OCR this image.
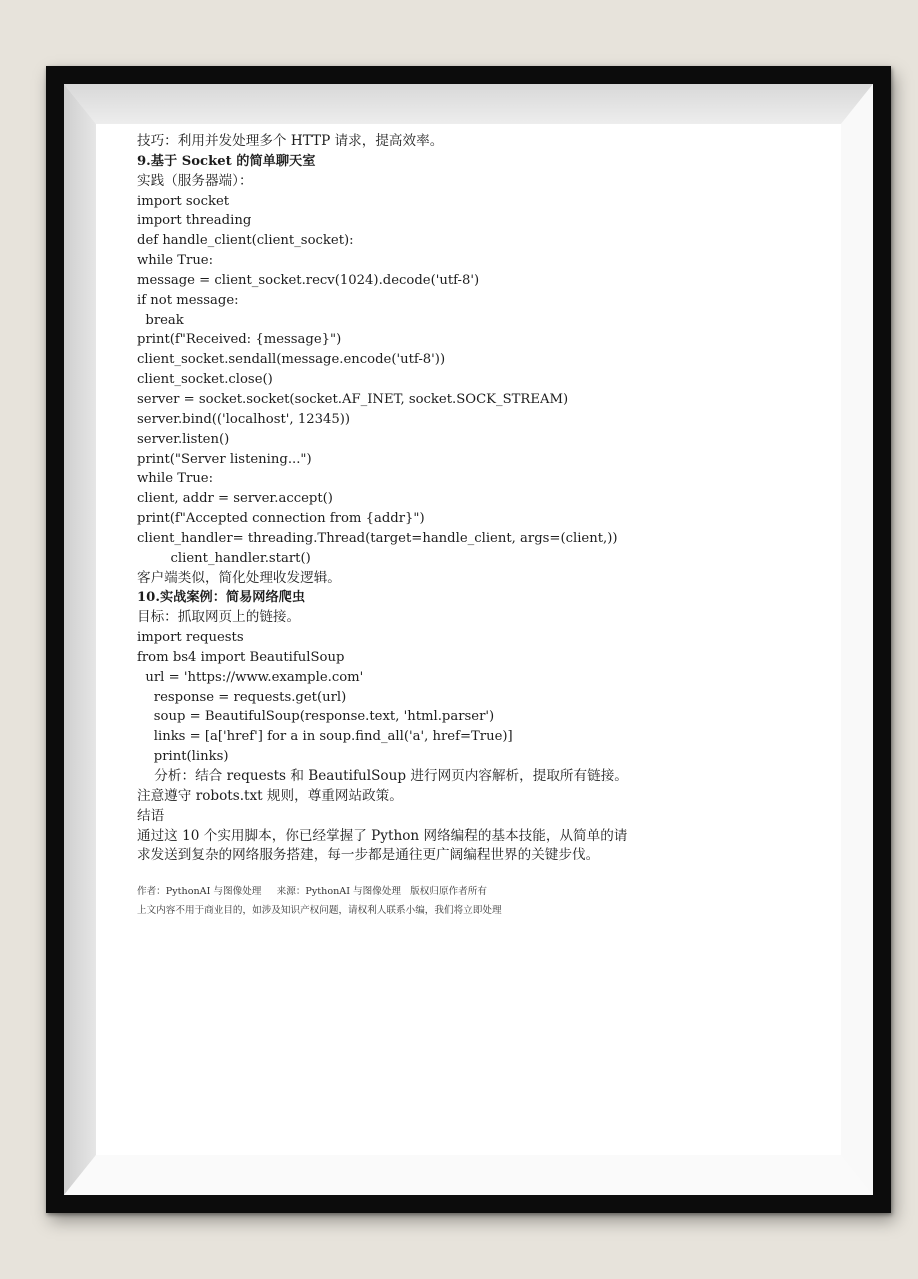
技巧：利用并发处理多个 HTTP 请求，提高效率。
9.基于 Socket 的简单聊天室
实践（服务器端）：
import socket
import threading
def handle_client(client_socket):
while True:
message = client_socket.recv(1024).decode('utf-8')
if not message:
break
print(f"Received: {message}")
client_socket.sendall(message.encode('utf-8'))
client_socket.close()
server = socket.socket(socket.AF_INET, socket.SOCK_STREAM)
server.bind(('localhost', 12345))
server.listen()
print("Server listening...")
while True:
client, addr = server.accept()
print(f"Accepted connection from {addr}")
client_handler= threading.Thread(target=handle_client, args=(client,))
client_handler.start()
客户端类似，简化处理收发逻辑。
10.实战案例：简易网络爬虫
目标：抓取网页上的链接。
import requests
from bs4 import BeautifulSoup
url = 'https://www.example.com'
response = requests.get(url)
soup = BeautifulSoup(response.text, 'html.parser')
links = [a['href'] for a in soup.find_all('a', href=True)]
print(links)
分析：结合 requests 和 BeautifulSoup 进行网页内容解析，提取所有链接。
注意遵守 robots.txt 规则，尊重网站政策。
结语
通过这 10 个实用脚本，你已经掌握了 Python 网络编程的基本技能，从简单的请
求发送到复杂的网络服务搭建，每一步都是通往更广阔编程世界的关键步伐。
作者：PythonAI 与图像处理     来源：PythonAI 与图像处理   版权归原作者所有
上文内容不用于商业目的，如涉及知识产权问题，请权利人联系小编，我们将立即处理
